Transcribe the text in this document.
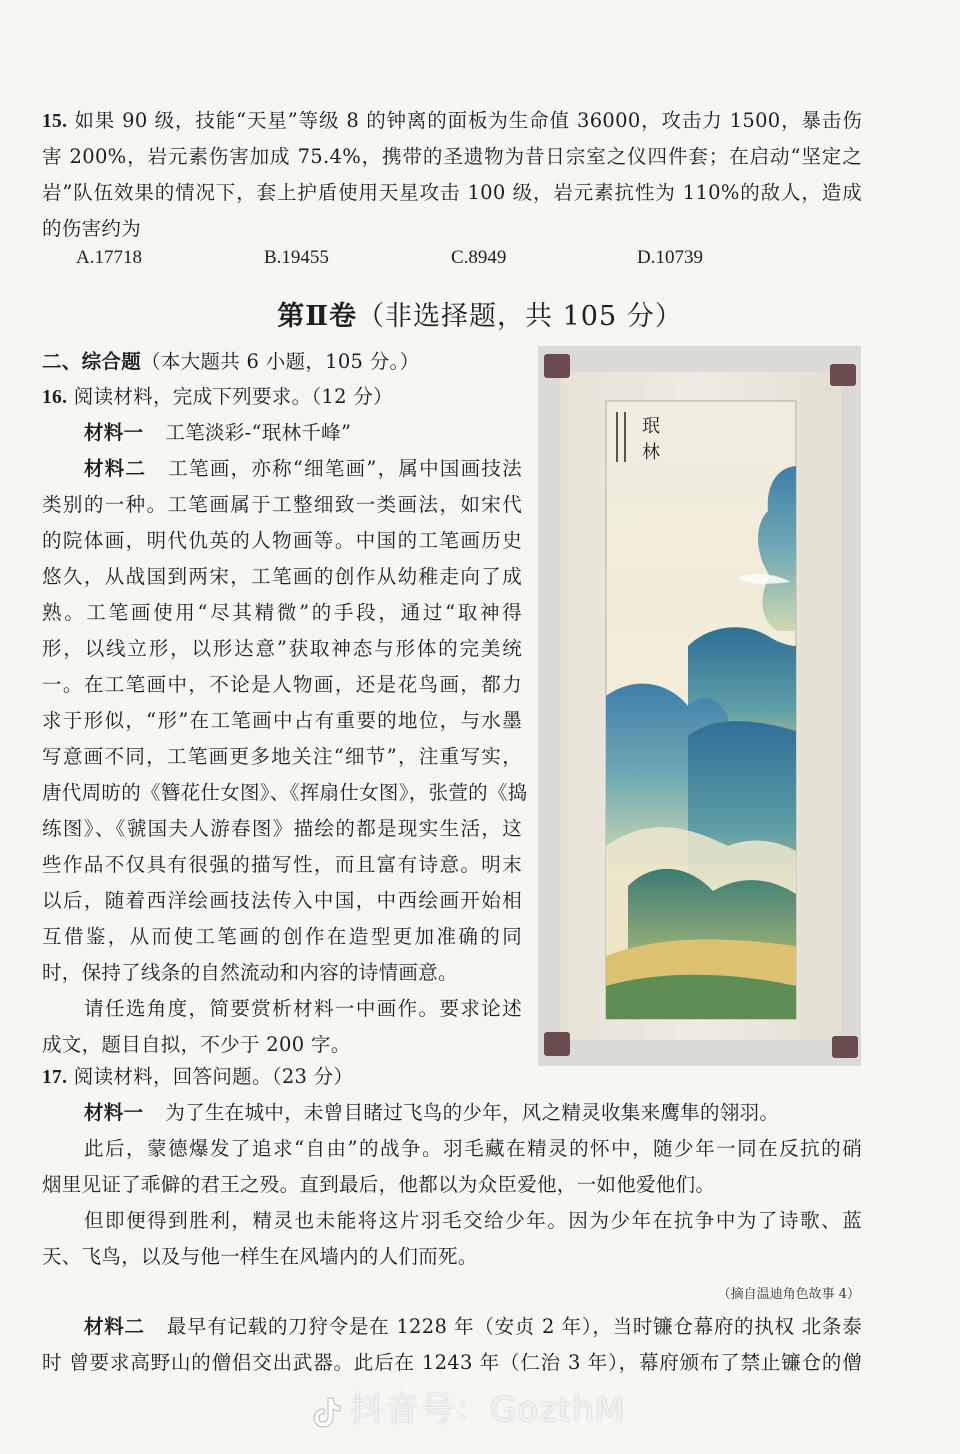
15. 如果 90 级，技能“天星”等级 8 的钟离的面板为生命值 36000，攻击力 1500，暴击伤
害 200%，岩元素伤害加成 75.4%，携带的圣遗物为昔日宗室之仪四件套；在启动“坚定之
岩”队伍效果的情况下，套上护盾使用天星攻击 100 级，岩元素抗性为 110%的敌人，造成
的伤害约为
A.17718	B.19455	C.8949	D.10739
第Ⅱ卷（非选择题，共 105 分）
二、综合题（本大题共 6 小题，105 分。）
16. 阅读材料，完成下列要求。（12 分）
材料一 工笔淡彩-“珉林千峰”
材料二 工笔画，亦称“细笔画”，属中国画技法
类别的一种。工笔画属于工整细致一类画法，如宋代
的院体画，明代仇英的人物画等。中国的工笔画历史
悠久，从战国到两宋，工笔画的创作从幼稚走向了成
熟。工笔画使用“尽其精微”的手段，通过“取神得
形，以线立形，以形达意”获取神态与形体的完美统
一。在工笔画中，不论是人物画，还是花鸟画，都力
求于形似，“形”在工笔画中占有重要的地位，与水墨
写意画不同，工笔画更多地关注“细节”，注重写实，
唐代周昉的《簪花仕女图》、《挥扇仕女图》，张萱的《捣
练图》、《虢国夫人游春图》描绘的都是现实生活，这
些作品不仅具有很强的描写性，而且富有诗意。明末
以后，随着西洋绘画技法传入中国，中西绘画开始相
互借鉴，从而使工笔画的创作在造型更加准确的同
时，保持了线条的自然流动和内容的诗情画意。
请任选角度，简要赏析材料一中画作。要求论述
成文，题目自拟，不少于 200 字。
珉
林
17. 阅读材料，回答问题。（23 分）
材料一 为了生在城中，未曾目睹过飞鸟的少年，风之精灵收集来鹰隼的翎羽。
此后，蒙德爆发了追求“自由”的战争。羽毛藏在精灵的怀中，随少年一同在反抗的硝
烟里见证了乖僻的君王之殁。直到最后，他都以为众臣爱他，一如他爱他们。
但即便得到胜利，精灵也未能将这片羽毛交给少年。因为少年在抗争中为了诗歌、蓝
天、飞鸟，以及与他一样生在风墙内的人们而死。
（摘自温迪角色故事 4）
材料二 最早有记载的刀狩令是在 1228 年（安贞 2 年），当时镰仓幕府的执权 北条泰
时 曾要求高野山的僧侣交出武器。此后在 1243 年（仁治 3 年），幕府颁布了禁止镰仓的僧
抖音号：GozthM
